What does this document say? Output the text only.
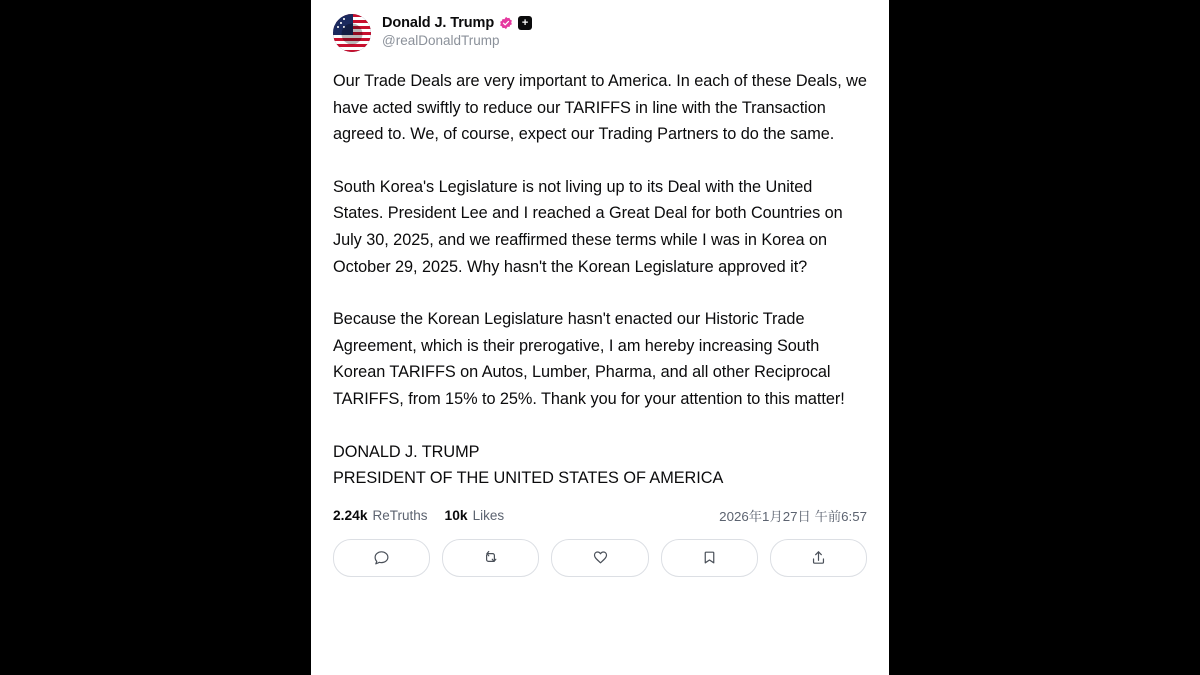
Donald J. Trump	+
@realDonaldTrump

Our Trade Deals are very important to America. In each of these Deals, we have acted swiftly to reduce our TARIFFS in line with the Transaction agreed to. We, of course, expect our Trading Partners to do the same.

South Korea's Legislature is not living up to its Deal with the United States. President Lee and I reached a Great Deal for both Countries on July 30, 2025, and we reaffirmed these terms while I was in Korea on October 29, 2025. Why hasn't the Korean Legislature approved it?

Because the Korean Legislature hasn't enacted our Historic Trade Agreement, which is their prerogative, I am hereby increasing South Korean TARIFFS on Autos, Lumber, Pharma, and all other Reciprocal TARIFFS, from 15% to 25%. Thank you for your attention to this matter!

DONALD J. TRUMP
PRESIDENT OF THE UNITED STATES OF AMERICA
2.24k ReTruths 10k Likes	2026年1月27日 午前6:57
